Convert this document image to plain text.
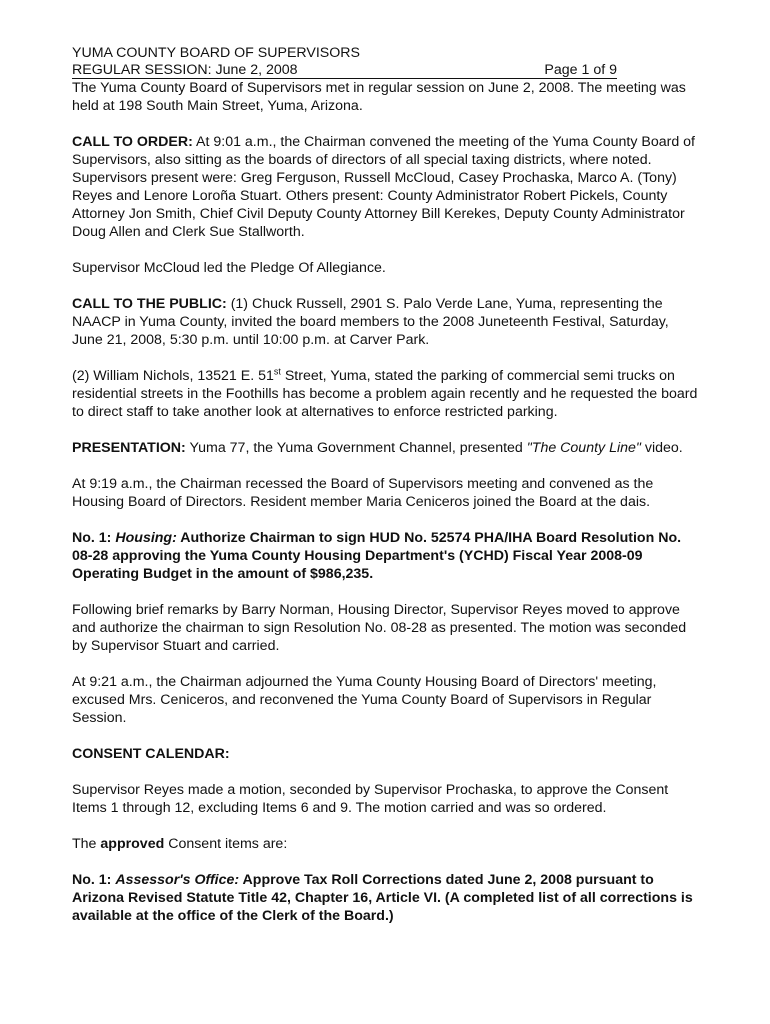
YUMA COUNTY BOARD OF SUPERVISORS
REGULAR SESSION: June 2, 2008	Page 1 of 9

The Yuma County Board of Supervisors met in regular session on June 2, 2008. The meeting was held at 198 South Main Street, Yuma, Arizona.

CALL TO ORDER: At 9:01 a.m., the Chairman convened the meeting of the Yuma County Board of Supervisors, also sitting as the boards of directors of all special taxing districts, where noted. Supervisors present were: Greg Ferguson, Russell McCloud, Casey Prochaska, Marco A. (Tony) Reyes and Lenore Loroña Stuart. Others present: County Administrator Robert Pickels, County Attorney Jon Smith, Chief Civil Deputy County Attorney Bill Kerekes, Deputy County Administrator Doug Allen and Clerk Sue Stallworth.

Supervisor McCloud led the Pledge Of Allegiance.

CALL TO THE PUBLIC: (1) Chuck Russell, 2901 S. Palo Verde Lane, Yuma, representing the NAACP in Yuma County, invited the board members to the 2008 Juneteenth Festival, Saturday, June 21, 2008, 5:30 p.m. until 10:00 p.m. at Carver Park.

(2) William Nichols, 13521 E. 51st Street, Yuma, stated the parking of commercial semi trucks on residential streets in the Foothills has become a problem again recently and he requested the board to direct staff to take another look at alternatives to enforce restricted parking.

PRESENTATION: Yuma 77, the Yuma Government Channel, presented "The County Line" video.

At 9:19 a.m., the Chairman recessed the Board of Supervisors meeting and convened as the Housing Board of Directors. Resident member Maria Ceniceros joined the Board at the dais.

No. 1: Housing: Authorize Chairman to sign HUD No. 52574 PHA/IHA Board Resolution No. 08-28 approving the Yuma County Housing Department's (YCHD) Fiscal Year 2008-09 Operating Budget in the amount of $986,235.

Following brief remarks by Barry Norman, Housing Director, Supervisor Reyes moved to approve and authorize the chairman to sign Resolution No. 08-28 as presented. The motion was seconded by Supervisor Stuart and carried.

At 9:21 a.m., the Chairman adjourned the Yuma County Housing Board of Directors' meeting, excused Mrs. Ceniceros, and reconvened the Yuma County Board of Supervisors in Regular Session.

CONSENT CALENDAR:

Supervisor Reyes made a motion, seconded by Supervisor Prochaska, to approve the Consent Items 1 through 12, excluding Items 6 and 9. The motion carried and was so ordered.

The approved Consent items are:

No. 1: Assessor's Office: Approve Tax Roll Corrections dated June 2, 2008 pursuant to Arizona Revised Statute Title 42, Chapter 16, Article VI. (A completed list of all corrections is available at the office of the Clerk of the Board.)
